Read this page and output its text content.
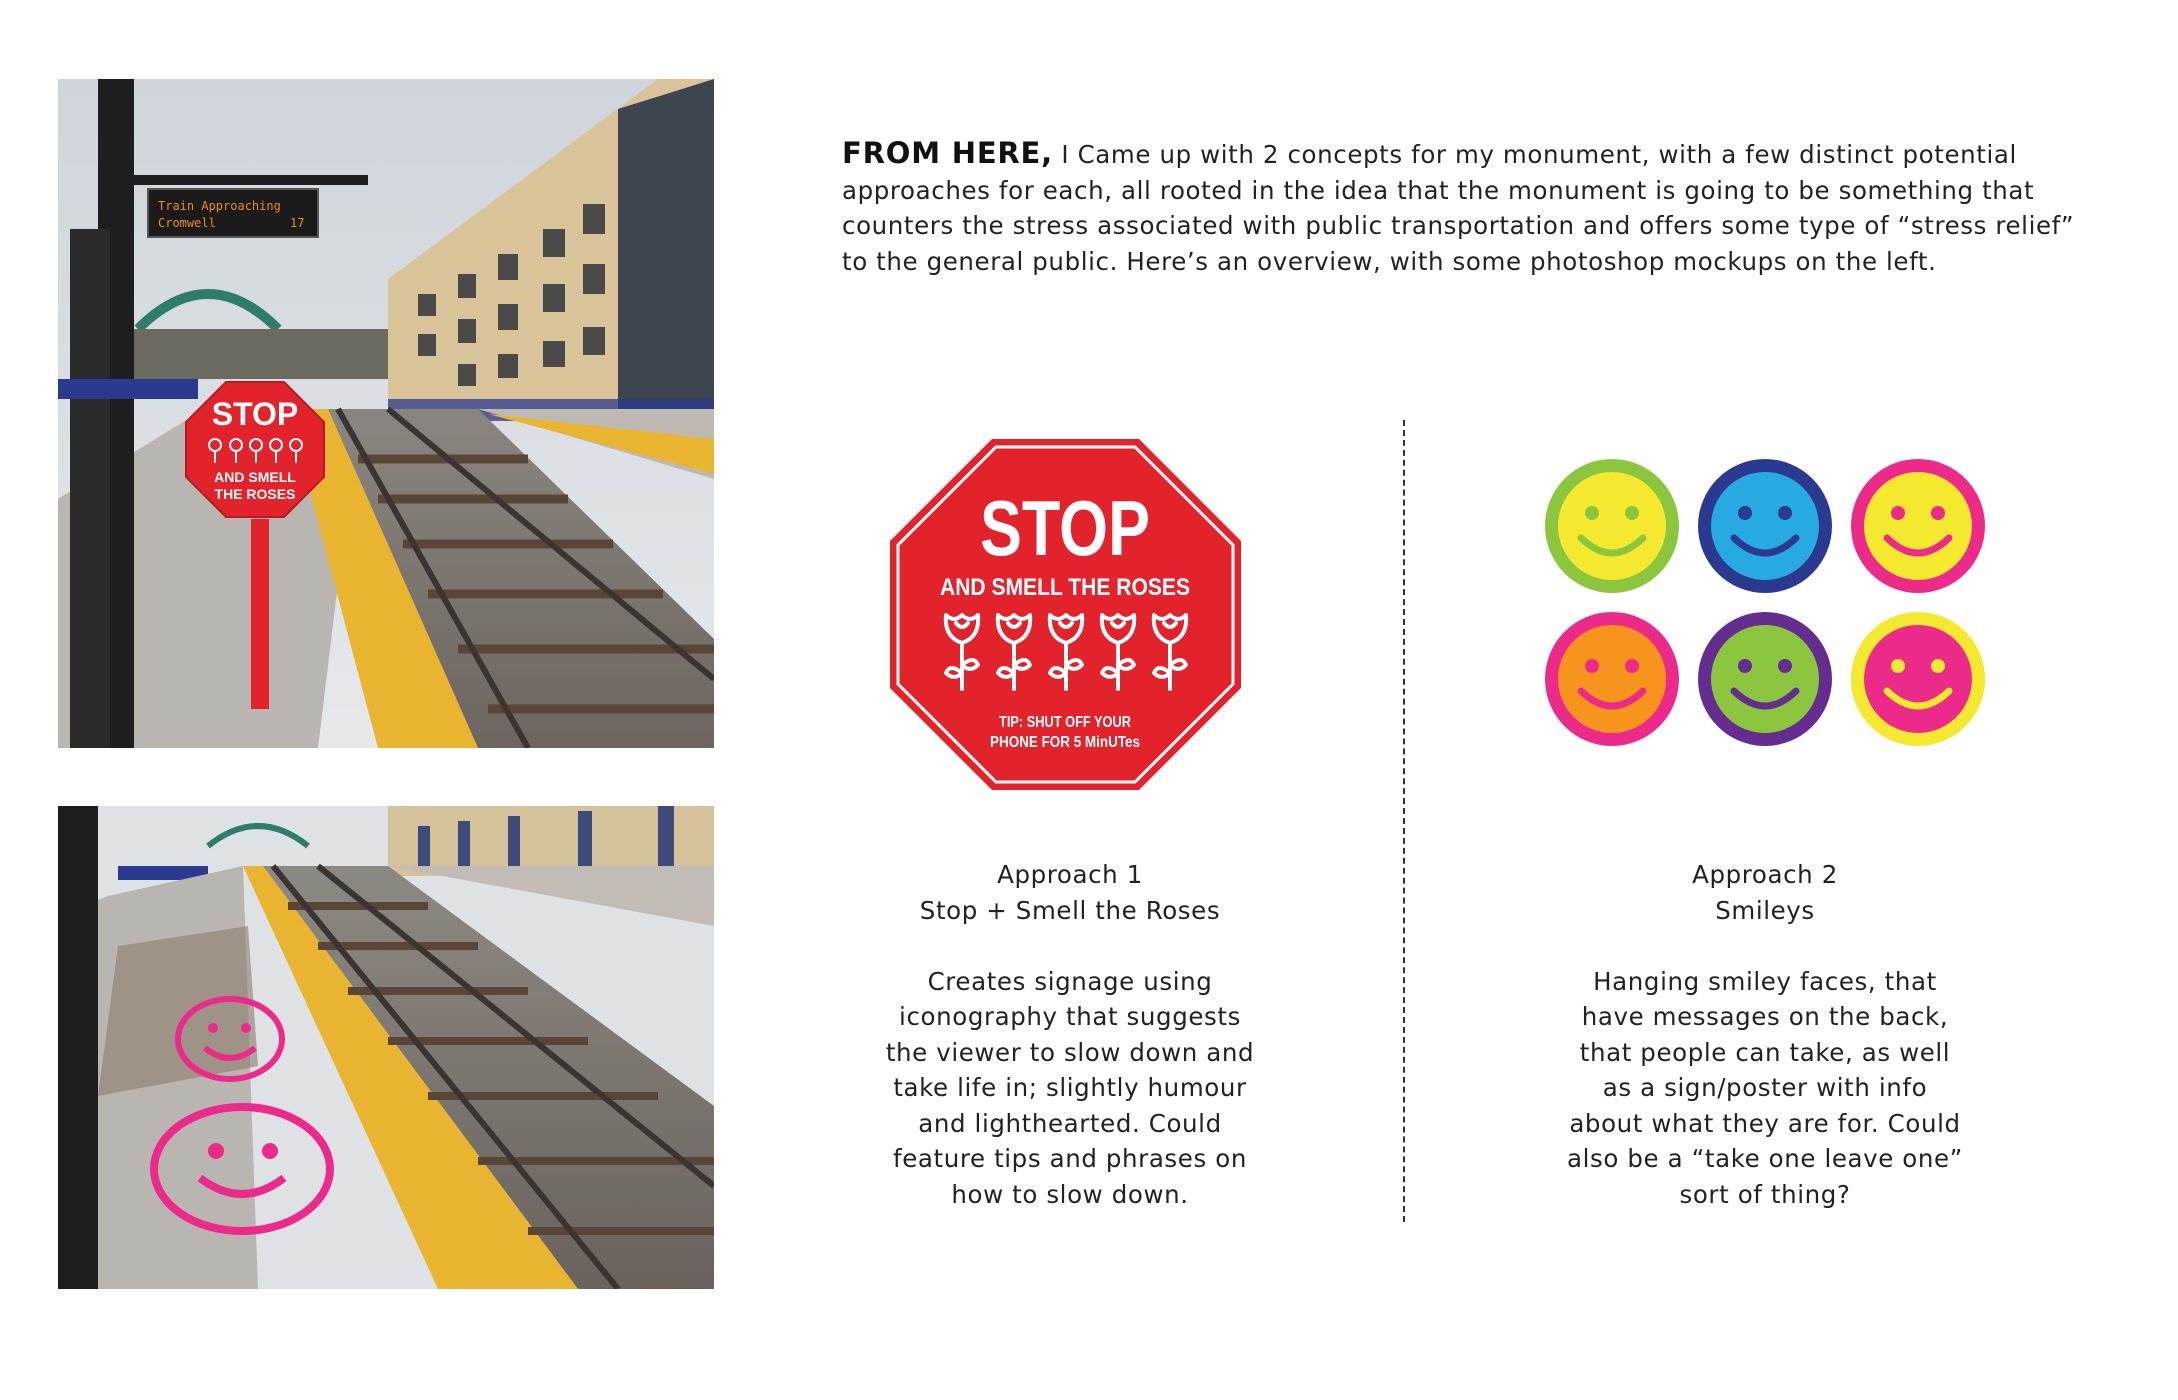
Train Approaching
Cromwell	17
STOP
AND SMELL
THE ROSES
FROM HERE, I Came up with 2 concepts for my monument, with a few distinct potential approaches for each, all rooted in the idea that the monument is going to be something that counters the stress associated with public transportation and offers some type of “stress relief” to the general public. Here’s an overview, with some photoshop mockups on the left.
STOP
AND SMELL THE ROSES
TIP: SHUT OFF YOUR
PHONE FOR 5 MinUTes
Approach 1
Stop + Smell the Roses
Creates signage using
iconography that suggests
the viewer to slow down and
take life in; slightly humour
and lighthearted. Could
feature tips and phrases on
how to slow down.
Approach 2
Smileys
Hanging smiley faces, that
have messages on the back,
that people can take, as well
as a sign/poster with info
about what they are for. Could
also be a “take one leave one”
sort of thing?
